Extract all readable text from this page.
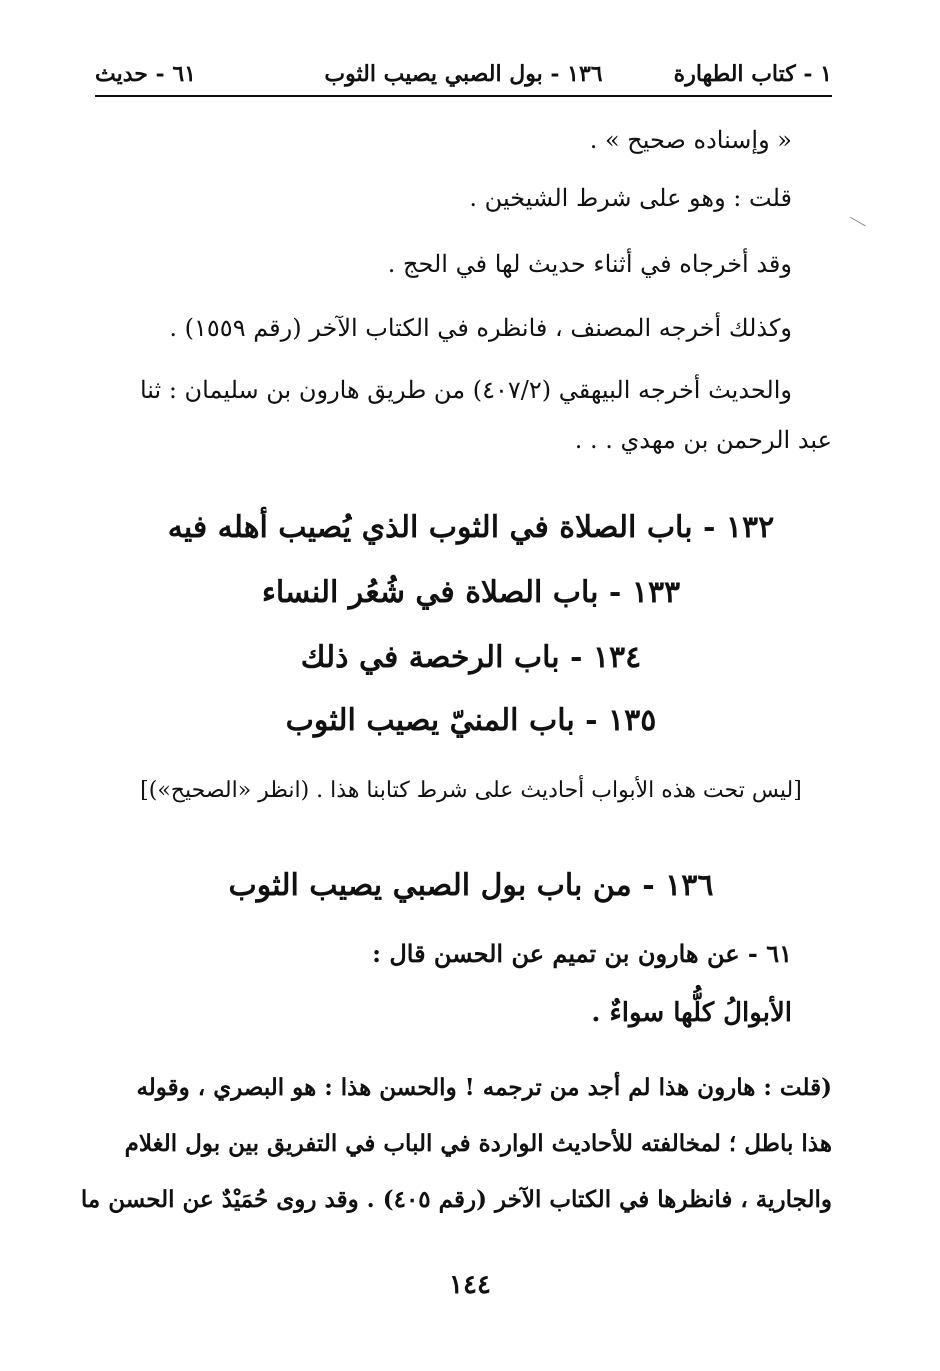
١ - كتاب الطهارة
١٣٦ - بول الصبي يصيب الثوب
٦١ - حديث
« وإسناده صحيح » .
قلت : وهو على شرط الشيخين .
⟋
وقد أخرجاه في أثناء حديث لها في الحج .
وكذلك أخرجه المصنف ، فانظره في الكتاب الآخر (رقم ١٥٥٩) .
والحديث أخرجه البيهقي (٤٠٧/٢) من طريق هارون بن سليمان : ثنا
عبد الرحمن بن مهدي . . .
١٣٢ - باب الصلاة في الثوب الذي يُصيب أهله فيه
١٣٣ - باب الصلاة في شُعُر النساء
١٣٤ - باب الرخصة في ذلك
١٣٥ - باب المنيّ يصيب الثوب
[ليس تحت هذه الأبواب أحاديث على شرط كتابنا هذا . (انظر «الصحيح»)]
١٣٦ - من باب بول الصبي يصيب الثوب
٦١ - عن هارون بن تميم عن الحسن قال :
الأبوالُ كلُّها سواءٌ .
(قلت : هارون هذا لم أجد من ترجمه ! والحسن هذا : هو البصري ، وقوله
هذا باطل ؛ لمخالفته للأحاديث الواردة في الباب في التفريق بين بول الغلام
والجارية ، فانظرها في الكتاب الآخر (رقم ٤٠٥) . وقد روى حُمَيْدٌ عن الحسن ما
١٤٤
